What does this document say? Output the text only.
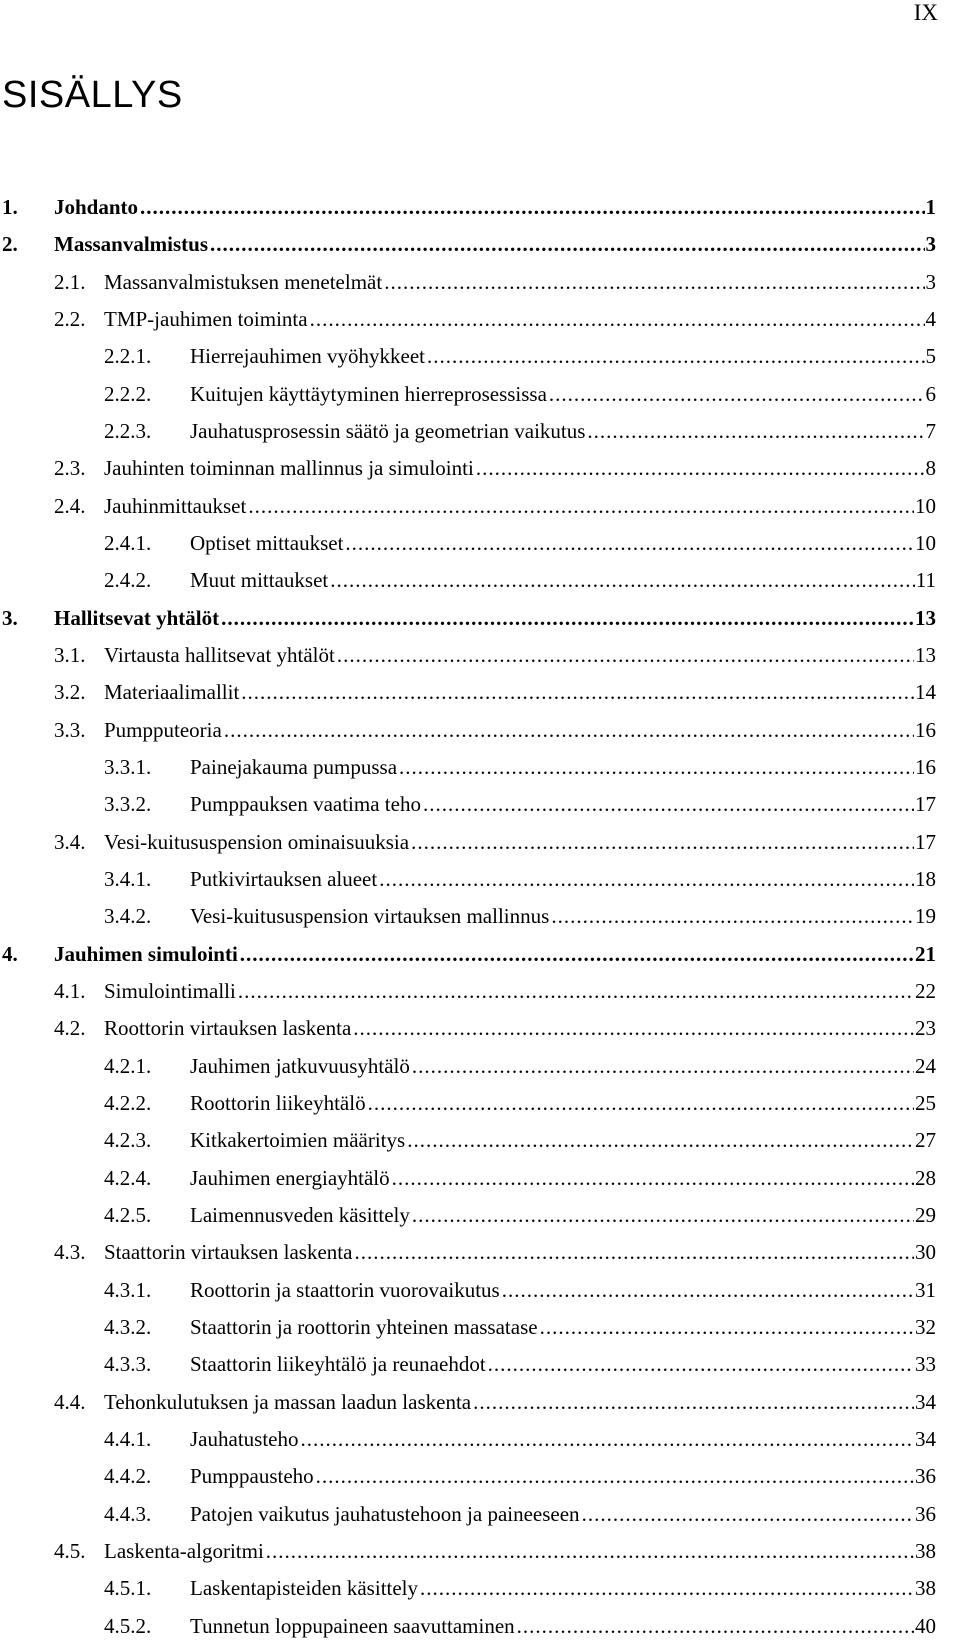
IX
SISÄLLYS
1. Johdanto .....	1
2. Massanvalmistus .....	3
2.1. Massanvalmistuksen menetelmät .....	3
2.2. TMP-jauhimen toiminta .....	4
2.2.1. Hierrejauhimen vyöhykkeet .....	5
2.2.2. Kuitujen käyttäytyminen hierreprosessissa .....	6
2.2.3. Jauhatusprosessin säätö ja geometrian vaikutus .....	7
2.3. Jauhinten toiminnan mallinnus ja simulointi .....	8
2.4. Jauhinmittaukset .....	10
2.4.1. Optiset mittaukset .....	10
2.4.2. Muut mittaukset .....	11
3. Hallitsevat yhtälöt .....	13
3.1. Virtausta hallitsevat yhtälöt .....	13
3.2. Materiaalimallit .....	14
3.3. Pumpputeoria .....	16
3.3.1. Painejakauma pumpussa .....	16
3.3.2. Pumppauksen vaatima teho .....	17
3.4. Vesi-kuitususpension ominaisuuksia .....	17
3.4.1. Putkivirtauksen alueet .....	18
3.4.2. Vesi-kuitususpension virtauksen mallinnus .....	19
4. Jauhimen simulointi .....	21
4.1. Simulointimalli .....	22
4.2. Roottorin virtauksen laskenta .....	23
4.2.1. Jauhimen jatkuvuusyhtälö .....	24
4.2.2. Roottorin liikeyhtälö .....	25
4.2.3. Kitkakertoimien määritys .....	27
4.2.4. Jauhimen energiayhtälö .....	28
4.2.5. Laimennusveden käsittely .....	29
4.3. Staattorin virtauksen laskenta .....	30
4.3.1. Roottorin ja staattorin vuorovaikutus .....	31
4.3.2. Staattorin ja roottorin yhteinen massatase .....	32
4.3.3. Staattorin liikeyhtälö ja reunaehdot .....	33
4.4. Tehonkulutuksen ja massan laadun laskenta .....	34
4.4.1. Jauhatusteho .....	34
4.4.2. Pumppausteho .....	36
4.4.3. Patojen vaikutus jauhatustehoon ja paineeseen .....	36
4.5. Laskenta-algoritmi .....	38
4.5.1. Laskentapisteiden käsittely .....	38
4.5.2. Tunnetun loppupaineen saavuttaminen .....	40
